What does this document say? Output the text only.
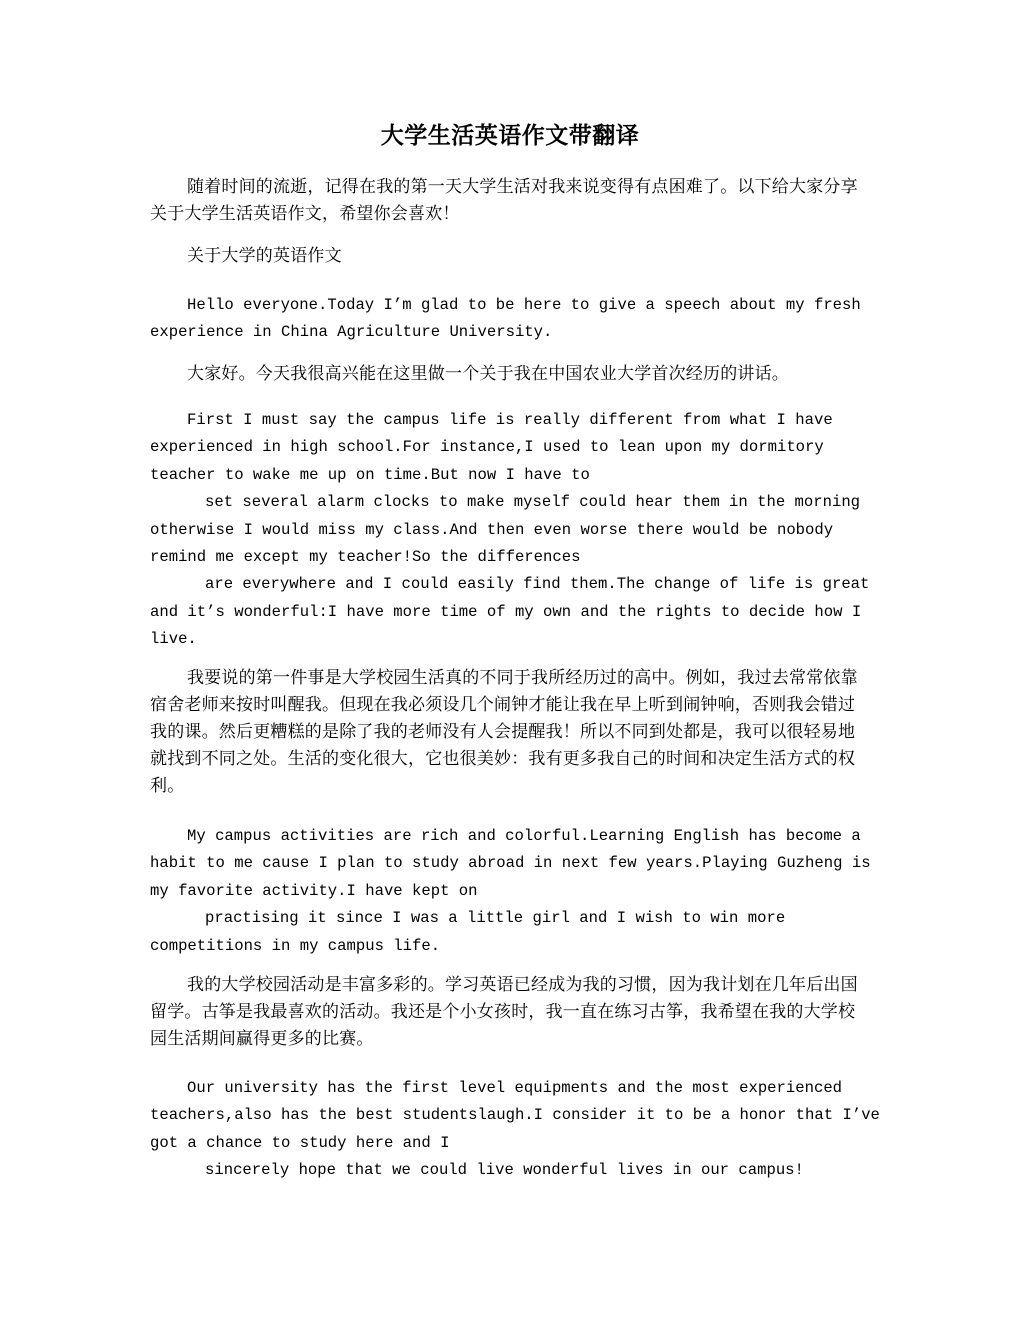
大学生活英语作文带翻译

随着时间的流逝，记得在我的第一天大学生活对我来说变得有点困难了。以下给大家分享关于大学生活英语作文，希望你会喜欢！

关于大学的英语作文

Hello everyone.Today I’m glad to be here to give a speech about my fresh
experience in China Agriculture University.

大家好。今天我很高兴能在这里做一个关于我在中国农业大学首次经历的讲话。

First I must say the campus life is really different from what I have
experienced in high school.For instance,I used to lean upon my dormitory
teacher to wake me up on time.But now I have to
set several alarm clocks to make myself could hear them in the morning
otherwise I would miss my class.And then even worse there would be nobody
remind me except my teacher!So the differences
are everywhere and I could easily find them.The change of life is great
and it’s wonderful:I have more time of my own and the rights to decide how I
live.

我要说的第一件事是大学校园生活真的不同于我所经历过的高中。例如，我过去常常依靠宿舍老师来按时叫醒我。但现在我必须设几个闹钟才能让我在早上听到闹钟响，否则我会错过我的课。然后更糟糕的是除了我的老师没有人会提醒我！所以不同到处都是，我可以很轻易地就找到不同之处。生活的变化很大，它也很美妙：我有更多我自己的时间和决定生活方式的权利。

My campus activities are rich and colorful.Learning English has become a
habit to me cause I plan to study abroad in next few years.Playing Guzheng is
my favorite activity.I have kept on
practising it since I was a little girl and I wish to win more
competitions in my campus life.

我的大学校园活动是丰富多彩的。学习英语已经成为我的习惯，因为我计划在几年后出国留学。古筝是我最喜欢的活动。我还是个小女孩时，我一直在练习古筝，我希望在我的大学校园生活期间赢得更多的比赛。

Our university has the first level equipments and the most experienced
teachers,also has the best studentslaugh.I consider it to be a honor that I’ve
got a chance to study here and I
sincerely hope that we could live wonderful lives in our campus!
